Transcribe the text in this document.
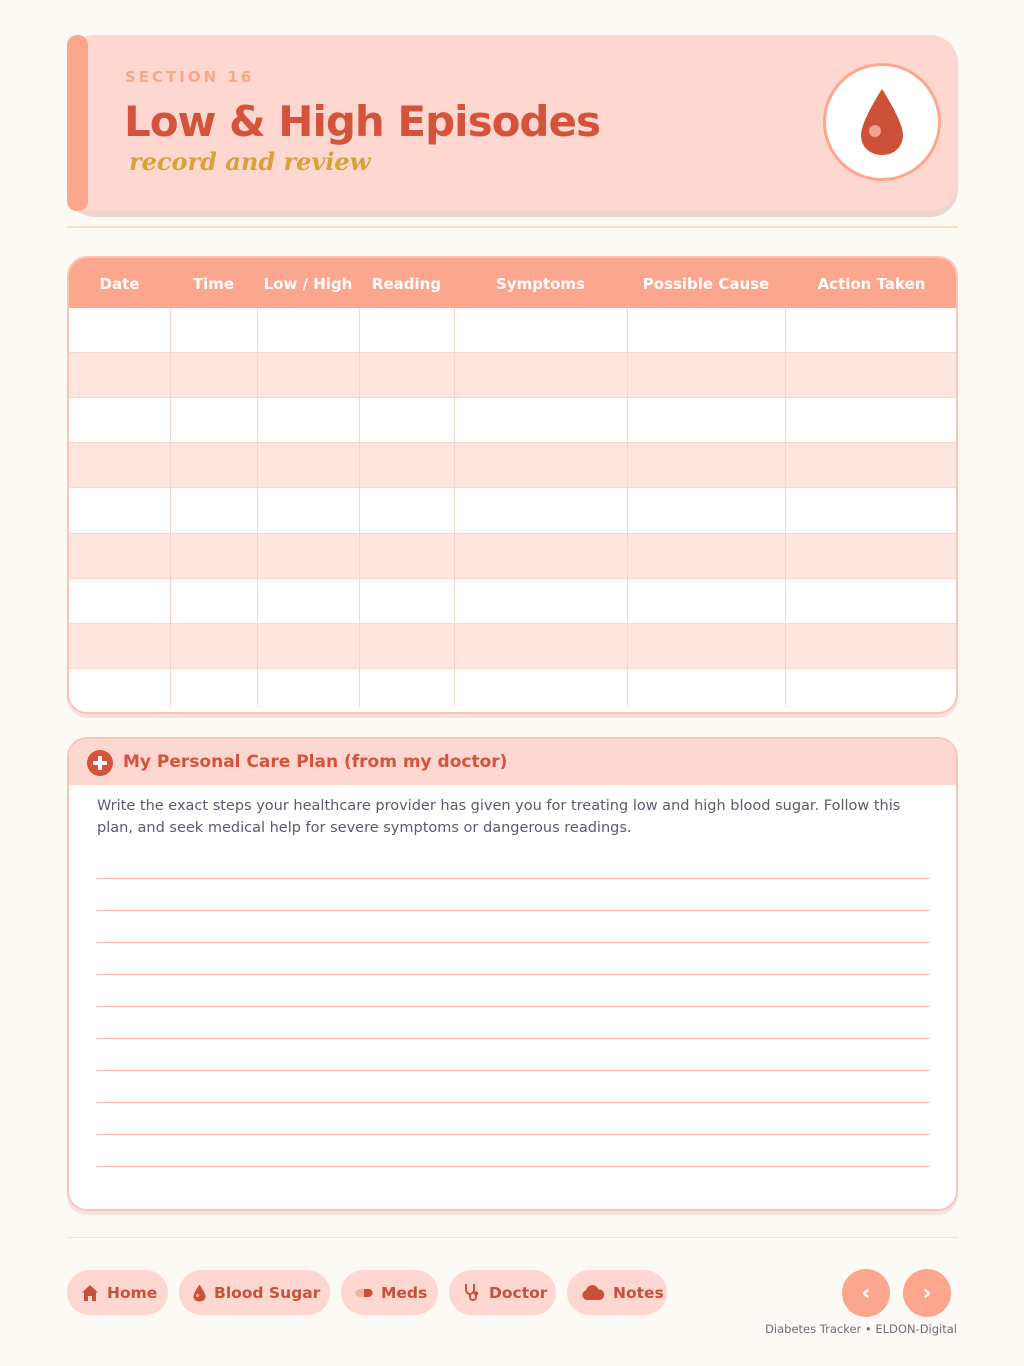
SECTION 16
Low & High Episodes
record and review
Date	Time	Low / High	Reading	Symptoms	Possible Cause	Action Taken
My Personal Care Plan (from my doctor)
Write the exact steps your healthcare provider has given you for treating low and high blood sugar. Follow this plan, and seek medical help for severe symptoms or dangerous readings.
Home	Blood Sugar	Meds	Doctor	Notes	‹ ›
Diabetes Tracker • ELDON-Digital
